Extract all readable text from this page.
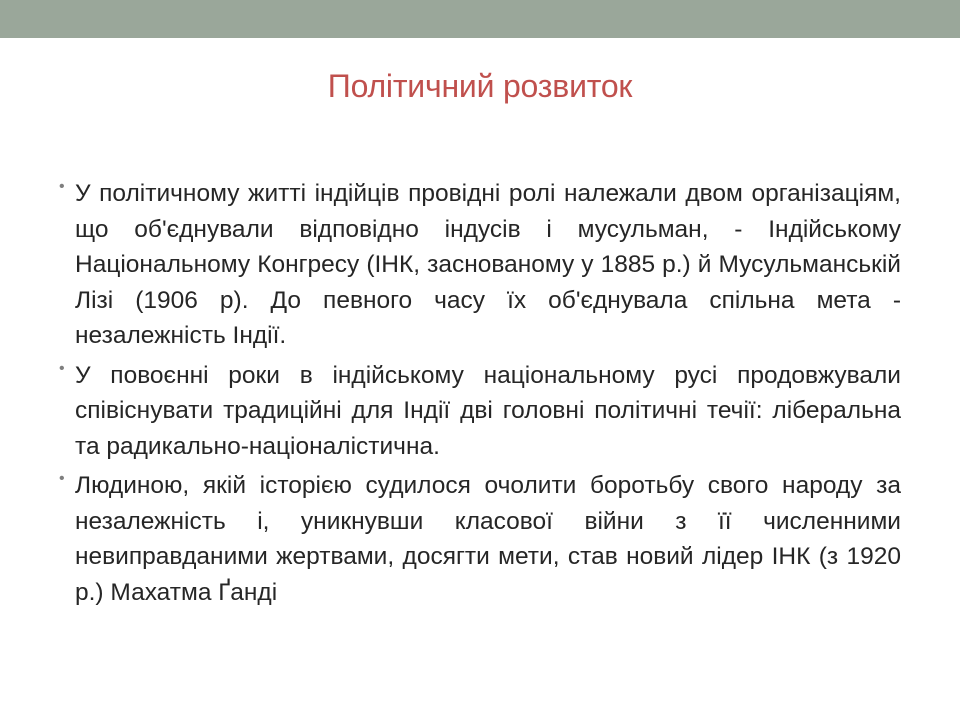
Політичний розвиток
• У політичному житті індійців провідні ролі належали двом організаціям, що об'єднували відповідно індусів і мусульман, - Індійському Національному Конгресу (ІНК, заснованому у 1885 р.) й Мусульманській Лізі (1906 р). До певного часу їх об'єднувала спільна мета - незалежність Індії.
• У повоєнні роки в індійському національному русі продовжували співіснувати традиційні для Індії дві головні політичні течії: ліберальна та радикально-націоналістична.
• Людиною, якій історією судилося очолити боротьбу свого народу за незалежність і, уникнувши класової війни з її численними невиправданими жертвами, досягти мети, став новий лідер ІНК (з 1920 р.) Махатма Ґанді
